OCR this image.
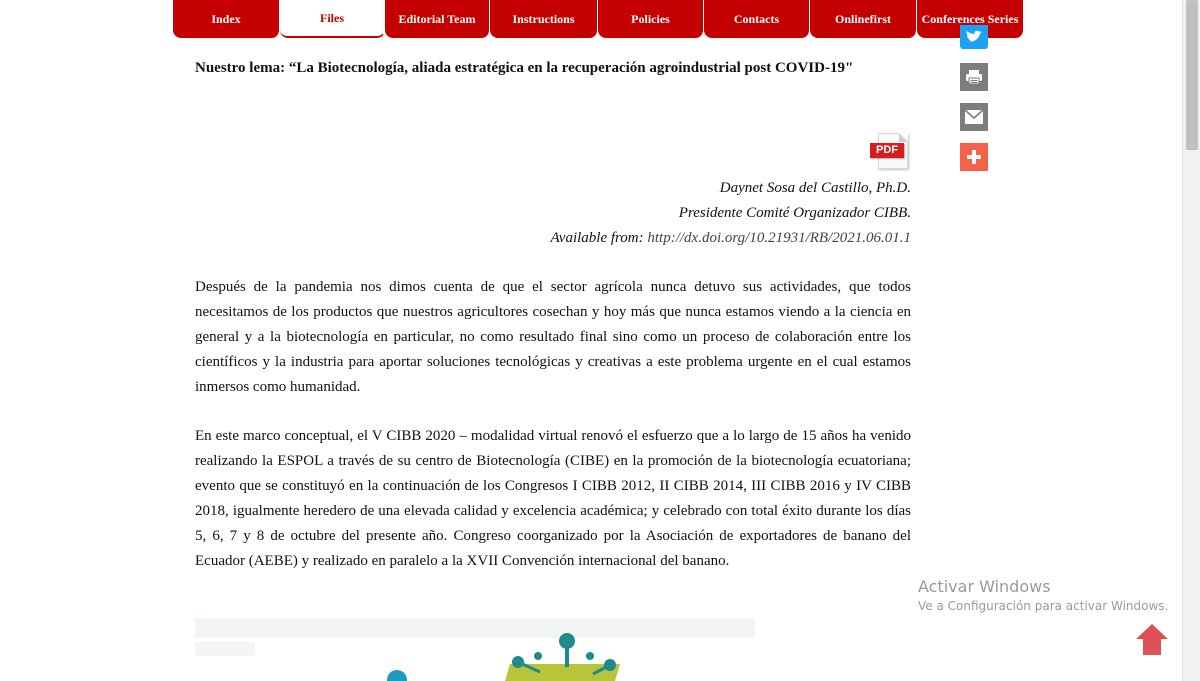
Index	Files	Editorial Team	Instructions	Policies	Contacts	Onlinefirst	Conferences Series
Nuestro lema: “La Biotecnología, aliada estratégica en la recuperación agroindustrial post COVID-19"
PDF
Daynet Sosa del Castillo, Ph.D.
Presidente Comité Organizador CIBB.
Available from: http://dx.doi.org/10.21931/RB/2021.06.01.1

Después de la pandemia nos dimos cuenta de que el sector agrícola nunca detuvo sus actividades, que todos necesitamos de los productos que nuestros agricultores cosechan y hoy más que nunca estamos viendo a la ciencia en general y a la biotecnología en particular, no como resultado final sino como un proceso de colaboración entre los científicos y la industria para aportar soluciones tecnológicas y creativas a este problema urgente en el cual estamos inmersos como humanidad.

En este marco conceptual, el V CIBB 2020 – modalidad virtual renovó el esfuerzo que a lo largo de 15 años ha venido realizando la ESPOL a través de su centro de Biotecnología (CIBE) en la promoción de la biotecnología ecuatoriana; evento que se constituyó en la continuación de los Congresos I CIBB 2012, II CIBB 2014, III CIBB 2016 y IV CIBB 2018, igualmente heredero de una elevada calidad y excelencia académica; y celebrado con total éxito durante los días 5, 6, 7 y 8 de octubre del presente año. Congreso coorganizado por la Asociación de exportadores de banano del Ecuador (AEBE) y realizado en paralelo a la XVII Convención internacional del banano.

Activar Windows
Ve a Configuración para activar Windows.
